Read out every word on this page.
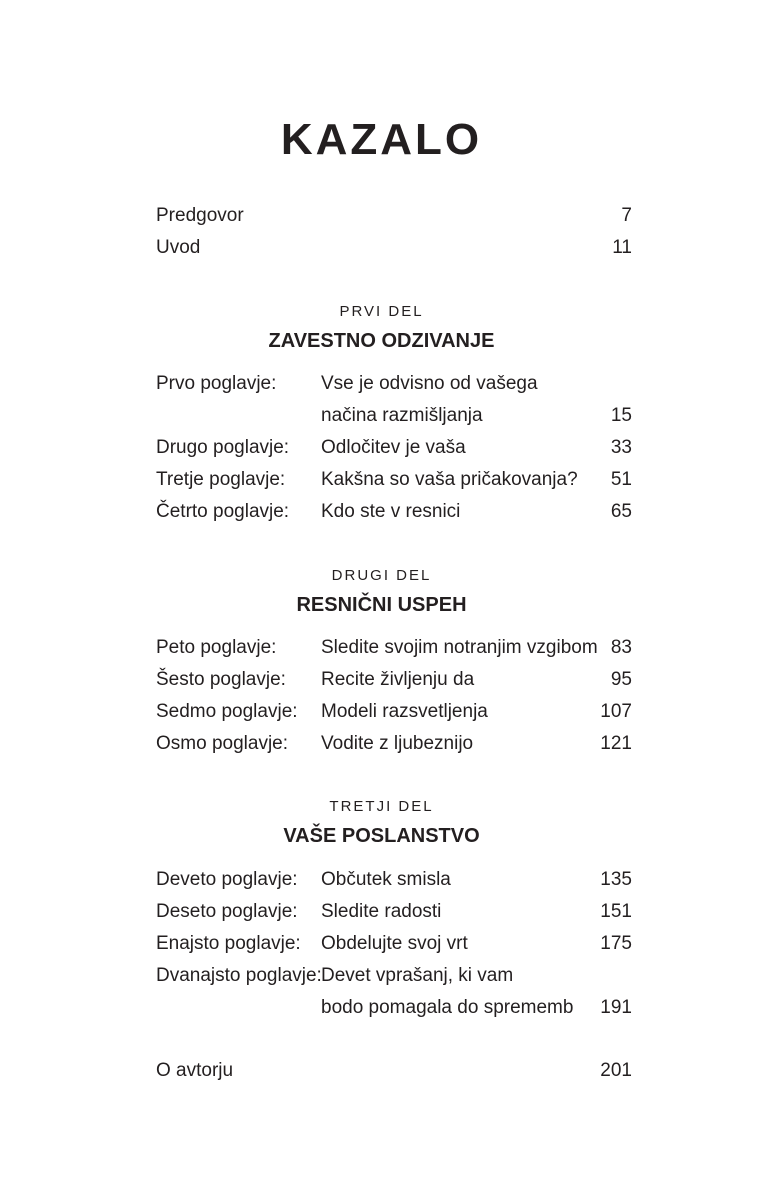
KAZALO
Predgovor	7
Uvod	11
PRVI DEL
ZAVESTNO ODZIVANJE
Prvo poglavje: Vse je odvisno od vašega
načina razmišljanja	15
Drugo poglavje: Odločitev je vaša	33
Tretje poglavje: Kakšna so vaša pričakovanja? 51
Četrto poglavje: Kdo ste v resnici	65
DRUGI DEL
RESNIČNI USPEH
Peto poglavje: Sledite svojim notranjim vzgibom 83
Šesto poglavje: Recite življenju da	95
Sedmo poglavje: Modeli razsvetljenja	107
Osmo poglavje: Vodite z ljubeznijo	121
TRETJI DEL
VAŠE POSLANSTVO
Deveto poglavje: Občutek smisla	135
Deseto poglavje: Sledite radosti	151
Enajsto poglavje: Obdelujte svoj vrt	175
Dvanajsto poglavje: Devet vprašanj, ki vam
bodo pomagala do sprememb 191
O avtorju	201
